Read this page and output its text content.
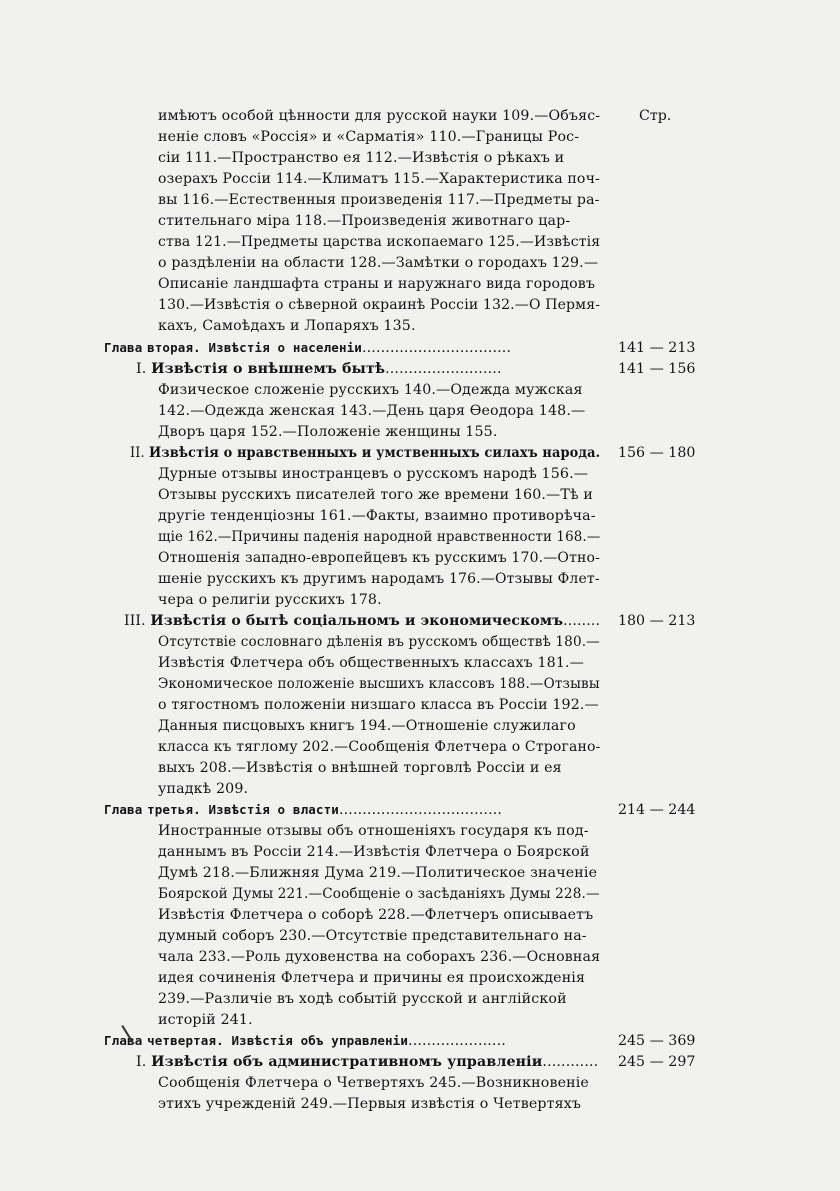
Стр.
имѣютъ особой цѣнности для русской науки 109.—Объяс-
неніе словъ «Россія» и «Сарматія» 110.—Границы Рос-
сіи 111.—Пространство ея 112.—Извѣстія о рѣкахъ и
озерахъ Россіи 114.—Климатъ 115.—Характеристика поч-
вы 116.—Естественныя произведенія 117.—Предметы ра-
стительнаго міра 118.—Произведенія животнаго цар-
ства 121.—Предметы царства ископаемаго 125.—Извѣстія
о раздѣленіи на области 128.—Замѣтки о городахъ 129.—
Описаніе ландшафта страны и наружнаго вида городовъ
130.—Извѣстія о сѣверной окраинѣ Россіи 132.—О Пермя-
кахъ, Самоѣдахъ и Лопаряхъ 135.
Глава вторая. Извѣстія о населеніи................................	141 — 213
I. Извѣстія о внѣшнемъ бытѣ.........................	141 — 156
Физическое сложеніе русскихъ 140.—Одежда мужская
142.—Одежда женская 143.—День царя Ѳеодора 148.—
Дворъ царя 152.—Положеніе женщины 155.
II. Извѣстія о нравственныхъ и умственныхъ силахъ народа. 156 — 180
Дурные отзывы иностранцевъ о русскомъ народѣ 156.—
Отзывы русскихъ писателей того же времени 160.—Тѣ и
другіе тенденціозны 161.—Факты, взаимно противорѣча-
щіе 162.—Причины паденія народной нравственности 168.—
Отношенія западно-европейцевъ къ русскимъ 170.—Отно-
шеніе русскихъ къ другимъ народамъ 176.—Отзывы Флет-
чера о религіи русскихъ 178.
III. Извѣстія о бытѣ соціальномъ и экономическомъ........ 180 — 213
Отсутствіе сословнаго дѣленія въ русскомъ обществѣ 180.—
Извѣстія Флетчера объ общественныхъ классахъ 181.—
Экономическое положеніе высшихъ классовъ 188.—Отзывы
о тягостномъ положеніи низшаго класса въ Россіи 192.—
Данныя писцовыхъ книгъ 194.—Отношеніе служилаго
класса къ тяглому 202.—Сообщенія Флетчера о Строгано-
выхъ 208.—Извѣстія о внѣшней торговлѣ Россіи и ея
упадкѣ 209.
Глава третья. Извѣстія о власти...................................	214 — 244
Иностранные отзывы объ отношеніяхъ государя къ под-
даннымъ въ Россіи 214.—Извѣстія Флетчера о Боярской
Думѣ 218.—Ближняя Дума 219.—Политическое значеніе
Боярской Думы 221.—Сообщеніе о засѣданіяхъ Думы 228.—
Извѣстія Флетчера о соборѣ 228.—Флетчеръ описываетъ
думный соборъ 230.—Отсутствіе представительнаго на-
чала 233.—Роль духовенства на соборахъ 236.—Основная
идея сочиненія Флетчера и причины ея происхожденія
239.—Различіе въ ходѣ событій русской и англійской
исторій 241.
Глава четвертая. Извѣстія объ управленіи.....................	245 — 369
I. Извѣстія объ административномъ управленіи............ 245 — 297
Сообщенія Флетчера о Четвертяхъ 245.—Возникновеніе
этихъ учрежденій 249.—Первыя извѣстія о Четвертяхъ
